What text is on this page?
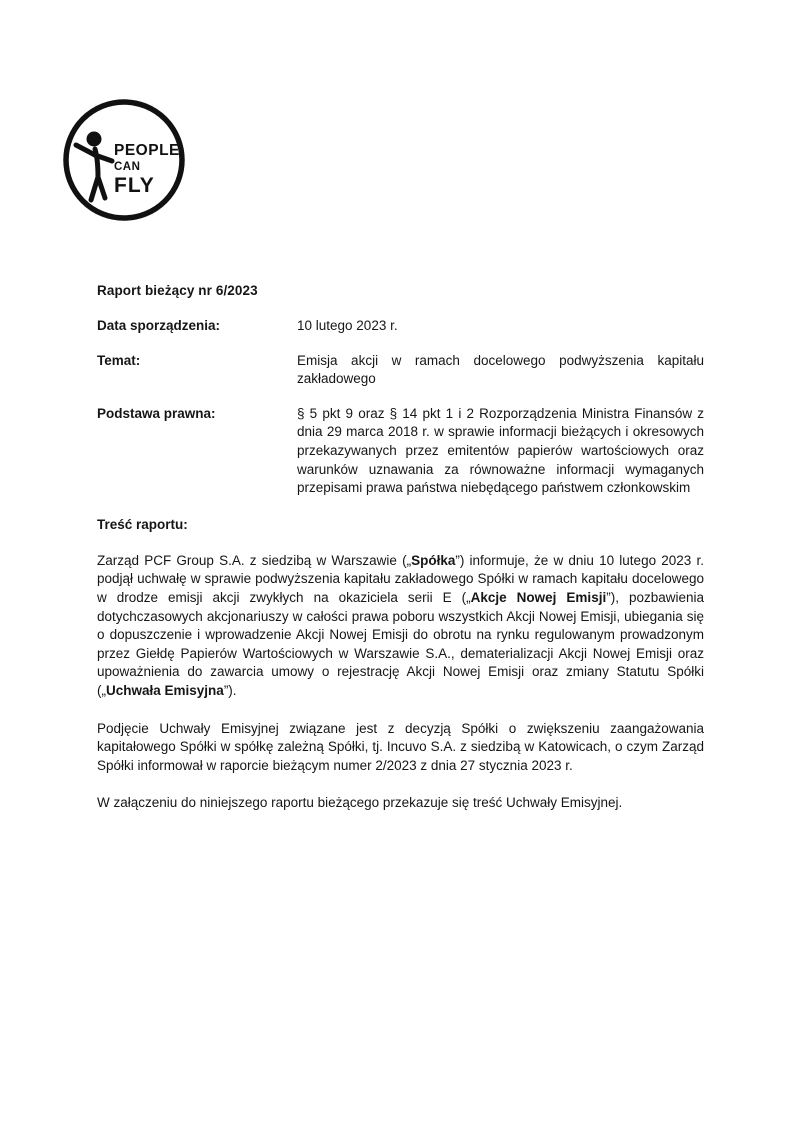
PEOPLE
CAN
FLY
Raport bieżący nr 6/2023
Data sporządzenia:	10 lutego 2023 r.
Temat:	Emisja akcji w ramach docelowego podwyższenia kapitału zakładowego
Podstawa prawna:	§ 5 pkt 9 oraz § 14 pkt 1 i 2 Rozporządzenia Ministra Finansów z dnia 29 marca 2018 r. w sprawie informacji bieżących i okresowych przekazywanych przez emitentów papierów wartościowych oraz warunków uznawania za równoważne informacji wymaganych przepisami prawa państwa niebędącego państwem członkowskim
Treść raportu:

Zarząd PCF Group S.A. z siedzibą w Warszawie („Spółka”) informuje, że w dniu 10 lutego 2023 r. podjął uchwałę w sprawie podwyższenia kapitału zakładowego Spółki w ramach kapitału docelowego w drodze emisji akcji zwykłych na okaziciela serii E („Akcje Nowej Emisji”), pozbawienia dotychczasowych akcjonariuszy w całości prawa poboru wszystkich Akcji Nowej Emisji, ubiegania się o dopuszczenie i wprowadzenie Akcji Nowej Emisji do obrotu na rynku regulowanym prowadzonym przez Giełdę Papierów Wartościowych w Warszawie S.A., dematerializacji Akcji Nowej Emisji oraz upoważnienia do zawarcia umowy o rejestrację Akcji Nowej Emisji oraz zmiany Statutu Spółki („Uchwała Emisyjna”).

Podjęcie Uchwały Emisyjnej związane jest z decyzją Spółki o zwiększeniu zaangażowania kapitałowego Spółki w spółkę zależną Spółki, tj. Incuvo S.A. z siedzibą w Katowicach, o czym Zarząd Spółki informował w raporcie bieżącym numer 2/2023 z dnia 27 stycznia 2023 r.

W załączeniu do niniejszego raportu bieżącego przekazuje się treść Uchwały Emisyjnej.
